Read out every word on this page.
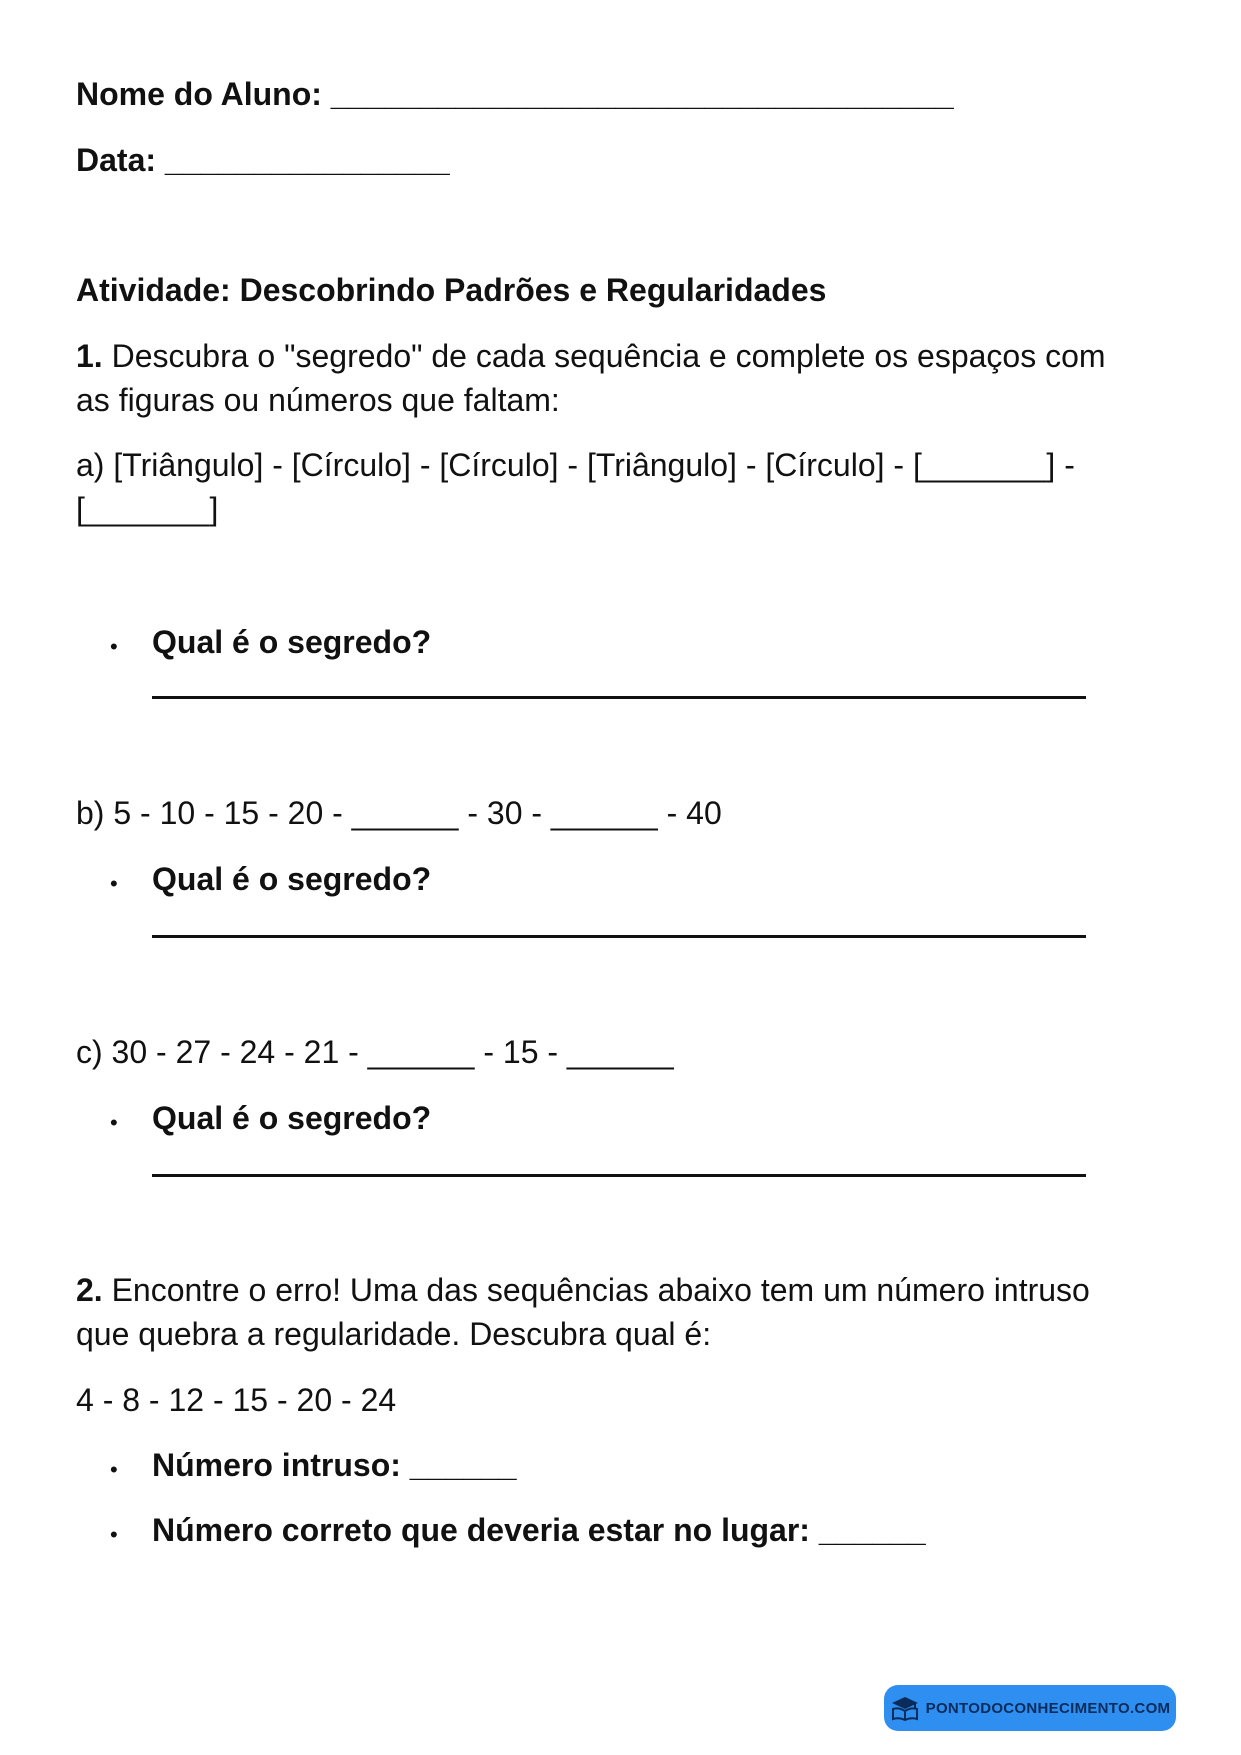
Nome do Aluno: ___________________________________
Data: ________________
Atividade: Descobrindo Padrões e Regularidades
1. Descubra o "segredo" de cada sequência e complete os espaços com
as figuras ou números que faltam:
a) [Triângulo] - [Círculo] - [Círculo] - [Triângulo] - [Círculo] - [_______] -
[_______]
• Qual é o segredo?
b) 5 - 10 - 15 - 20 - ______ - 30 - ______ - 40
• Qual é o segredo?
c) 30 - 27 - 24 - 21 - ______ - 15 - ______
• Qual é o segredo?
2. Encontre o erro! Uma das sequências abaixo tem um número intruso
que quebra a regularidade. Descubra qual é:
4 - 8 - 12 - 15 - 20 - 24
• Número intruso: ______
• Número correto que deveria estar no lugar: ______
PONTODOCONHECIMENTO.COM
